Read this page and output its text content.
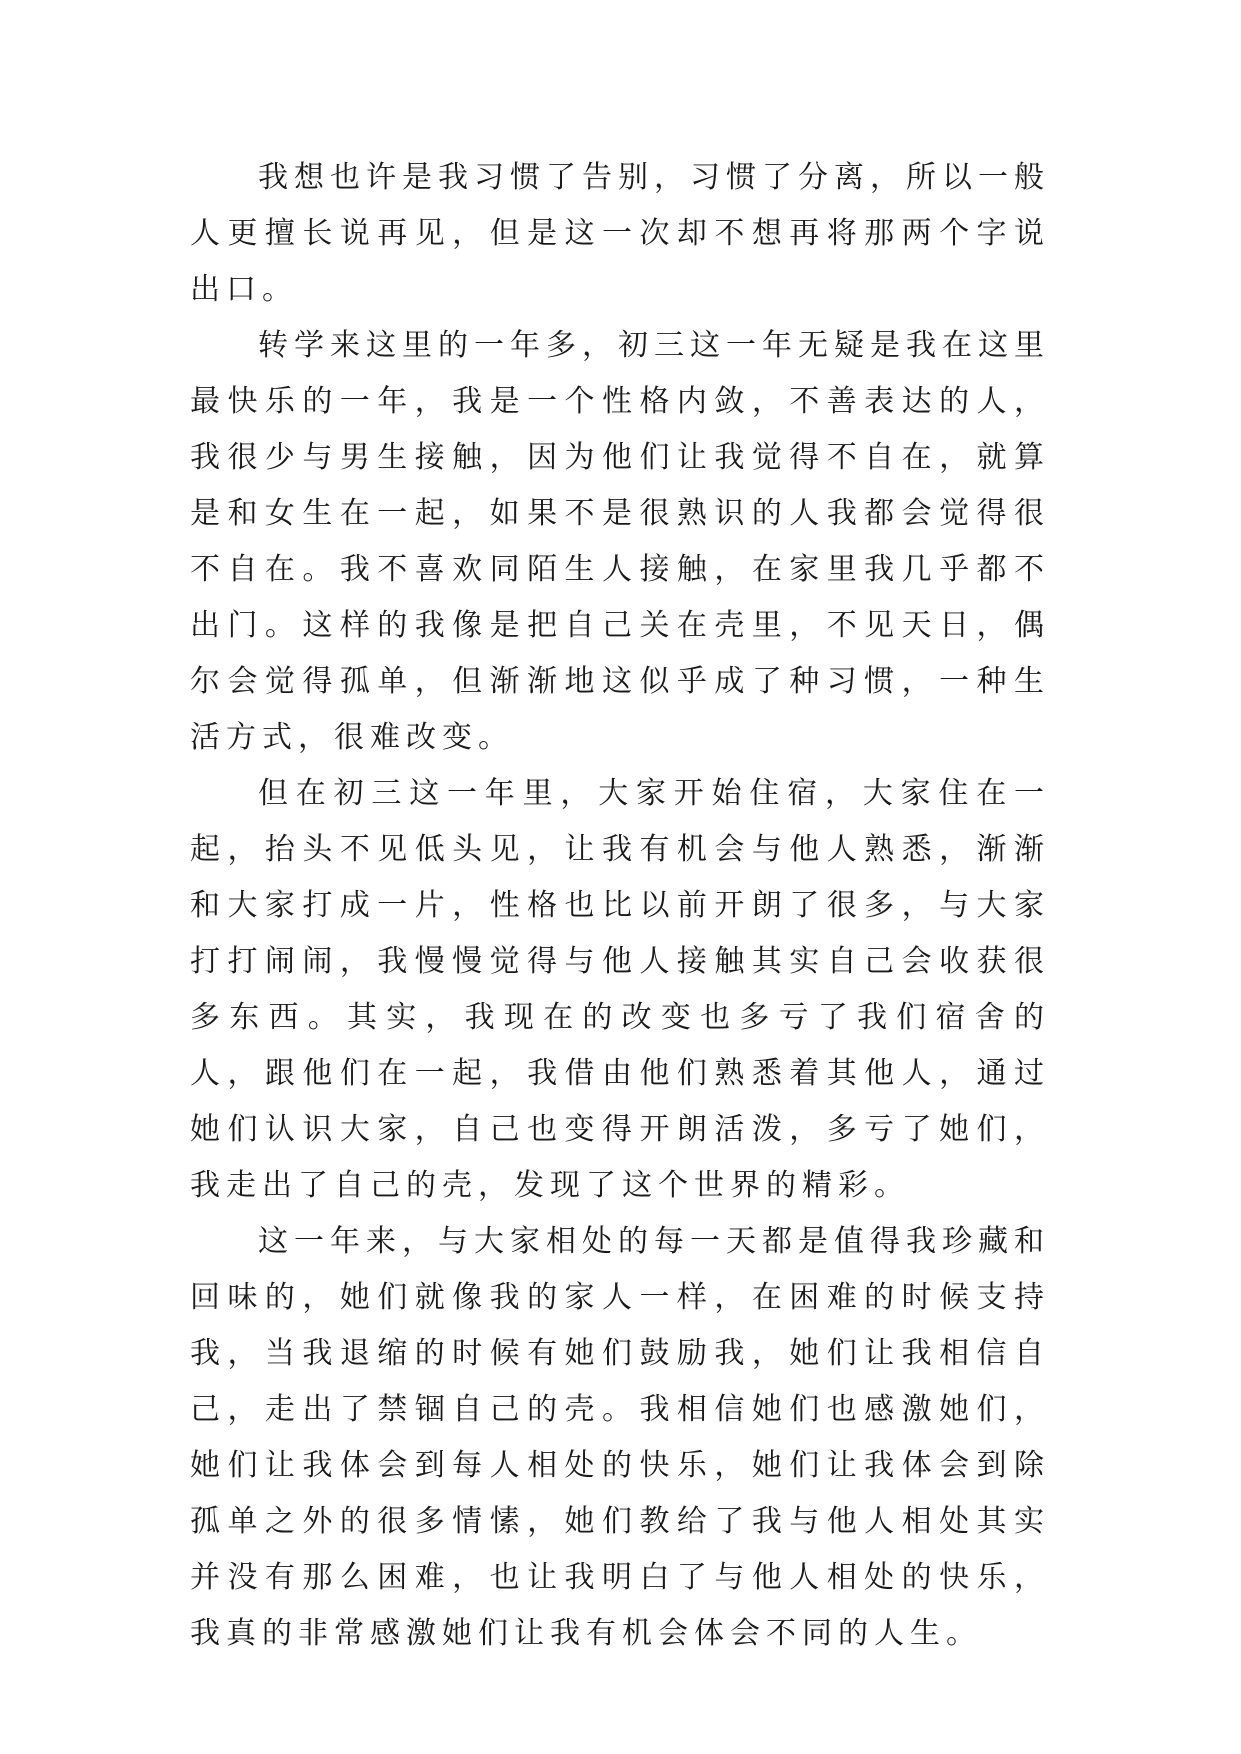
我想也许是我习惯了告别，习惯了分离，所以一般人更擅长说再见，但是这一次却不想再将那两个字说出口。

转学来这里的一年多，初三这一年无疑是我在这里最快乐的一年，我是一个性格内敛，不善表达的人，我很少与男生接触，因为他们让我觉得不自在，就算是和女生在一起，如果不是很熟识的人我都会觉得很不自在。我不喜欢同陌生人接触，在家里我几乎都不出门。这样的我像是把自己关在壳里，不见天日，偶尔会觉得孤单，但渐渐地这似乎成了种习惯，一种生活方式，很难改变。

但在初三这一年里，大家开始住宿，大家住在一起，抬头不见低头见，让我有机会与他人熟悉，渐渐和大家打成一片，性格也比以前开朗了很多，与大家打打闹闹，我慢慢觉得与他人接触其实自己会收获很多东西。其实，我现在的改变也多亏了我们宿舍的人，跟他们在一起，我借由他们熟悉着其他人，通过她们认识大家，自己也变得开朗活泼，多亏了她们，我走出了自己的壳，发现了这个世界的精彩。

这一年来，与大家相处的每一天都是值得我珍藏和回味的，她们就像我的家人一样，在困难的时候支持我，当我退缩的时候有她们鼓励我，她们让我相信自己，走出了禁锢自己的壳。我相信她们也感激她们，她们让我体会到每人相处的快乐，她们让我体会到除孤单之外的很多情愫，她们教给了我与他人相处其实并没有那么困难，也让我明白了与他人相处的快乐，我真的非常感激她们让我有机会体会不同的人生。
